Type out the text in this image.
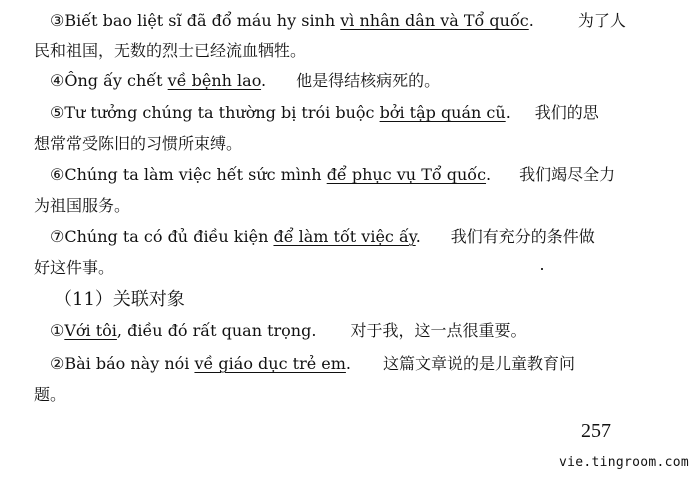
③Biết bao liệt sĩ đã đổ máu hy sinh vì nhân dân và Tổ quốc.	为了人
民和祖国，无数的烈士已经流血牺牲。
④Ông ấy chết về bệnh lao. 他是得结核病死的。
⑤Tư tưởng chúng ta thường bị trói buộc bởi tập quán cũ. 我们的思
想常常受陈旧的习惯所束缚。
⑥Chúng ta làm việc hết sức mình để phục vụ Tổ quốc. 我们竭尽全力
为祖国服务。
⑦Chúng ta có đủ điều kiện để làm tốt việc ấy. 我们有充分的条件做
好这件事。
（11）关联对象
①Với tôi, điều đó rất quan trọng. 对于我，这一点很重要。
②Bài báo này nói về giáo dục trẻ em. 这篇文章说的是儿童教育问
题。
257
vie.tingroom.com
